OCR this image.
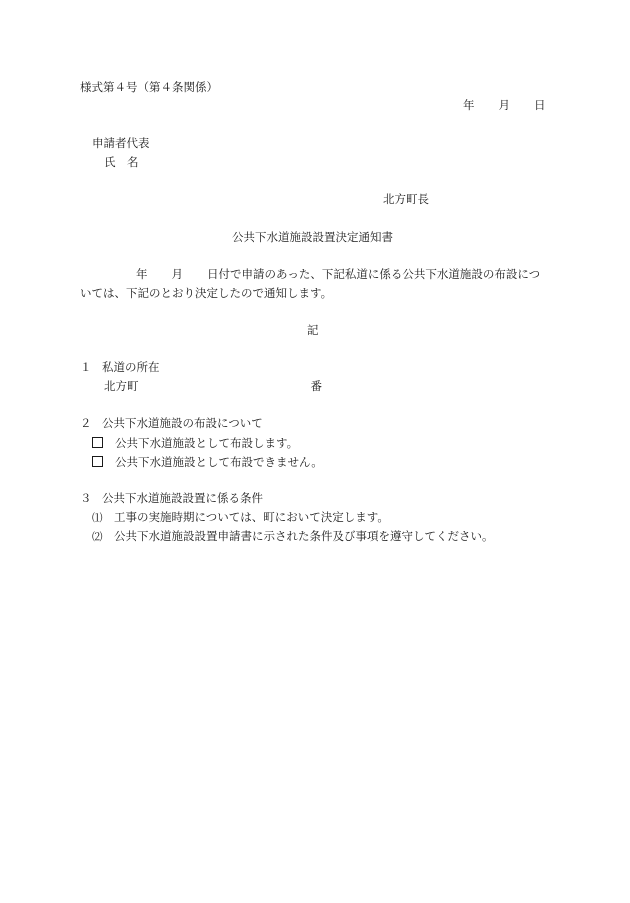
様式第４号（第４条関係）
年 月 日
申請者代表
氏　名
北方町長
公共下水道施設設置決定通知書
年 月 日付で申請のあった、下記私道に係る公共下水道施設の布設につ
いては、下記のとおり決定したので通知します。
記
１ 私道の所在
北方町	番
２ 公共下水道施設の布設について
公共下水道施設として布設します。
公共下水道施設として布設できません。
３ 公共下水道施設設置に係る条件
⑴ 工事の実施時期については、町において決定します。
⑵ 公共下水道施設設置申請書に示された条件及び事項を遵守してください。
